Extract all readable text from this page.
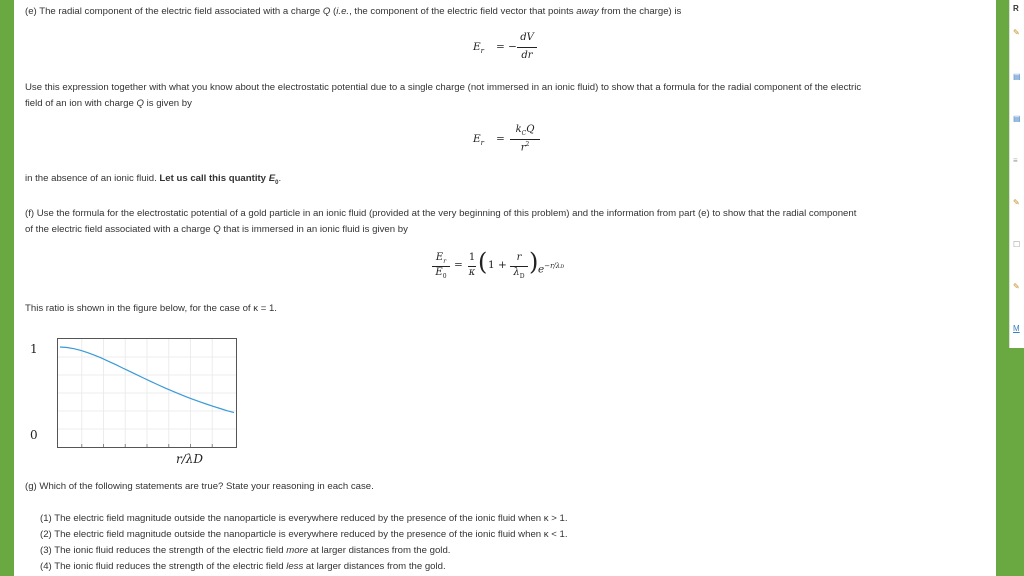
(e) The radial component of the electric field associated with a charge Q (i.e., the component of the electric field vector that points away from the charge) is
$E_r$ = −
dV
dr
Use this expression together with what you know about the electrostatic potential due to a single charge (not immersed in an ionic fluid) to show that a formula for the radial component of the electric
field of an ion with charge Q is given by
$E_r$ =
$k_CQ$
$r^2$
in the absence of an ionic fluid. Let us call this quantity $E_0$.
(f) Use the formula for the electrostatic potential of a gold particle in an ionic fluid (provided at the very beginning of this problem) and the information from part (e) to show that the radial component
of the electric field associated with a charge Q that is immersed in an ionic fluid is given by
$E_r$
$E_0$
=
1
κ ( 1 +
r
$\lambda_D$
) $e^{-r/\lambda D}$
This ratio is shown in the figure below, for the case of κ = 1.
1
0
r/λD
(g) Which of the following statements are true? State your reasoning in each case.
(1) The electric field magnitude outside the nanoparticle is everywhere reduced by the presence of the ionic fluid when κ > 1.
(2) The electric field magnitude outside the nanoparticle is everywhere reduced by the presence of the ionic fluid when κ < 1.
(3) The ionic fluid reduces the strength of the electric field more at larger distances from the gold.
(4) The ionic fluid reduces the strength of the electric field less at larger distances from the gold.
R
✎
▤
▤
≡
✎
☐
✎
M
